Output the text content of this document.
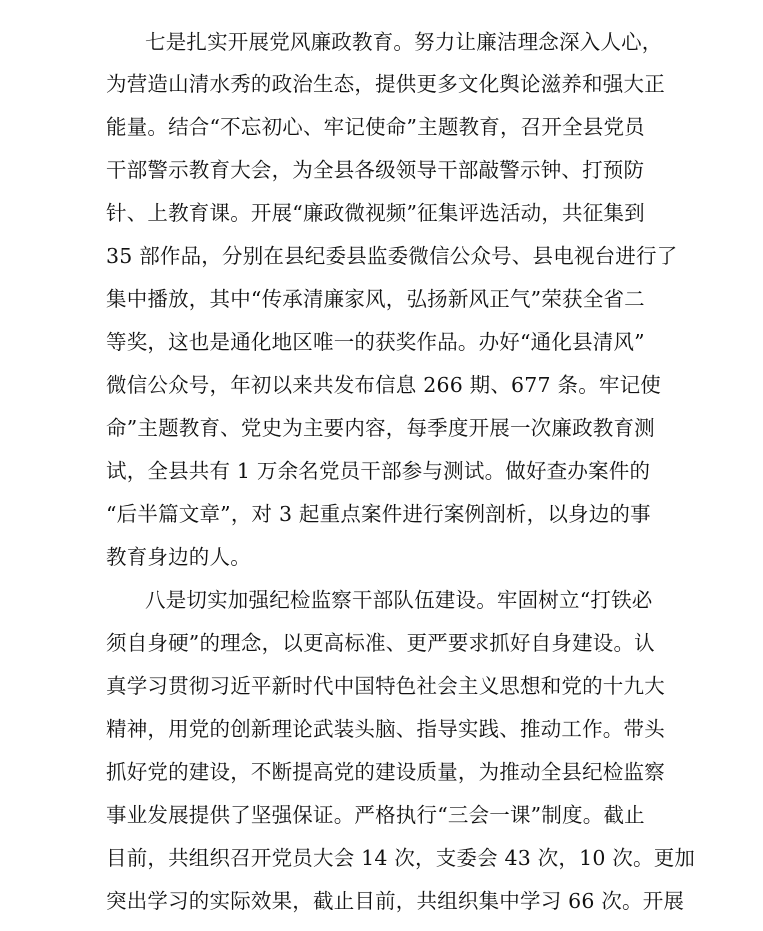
七是扎实开展党风廉政教育。努力让廉洁理念深入人心，
为营造山清水秀的政治生态，提供更多文化舆论滋养和强大正
能量。结合“不忘初心、牢记使命”主题教育，召开全县党员
干部警示教育大会，为全县各级领导干部敲警示钟、打预防
针、上教育课。开展“廉政微视频”征集评选活动，共征集到
35 部作品，分别在县纪委县监委微信公众号、县电视台进行了
集中播放，其中“传承清廉家风，弘扬新风正气”荣获全省二
等奖，这也是通化地区唯一的获奖作品。办好“通化县清风”
微信公众号，年初以来共发布信息 266 期、677 条。牢记使
命”主题教育、党史为主要内容，每季度开展一次廉政教育测
试，全县共有 1 万余名党员干部参与测试。做好查办案件的
“后半篇文章”，对 3 起重点案件进行案例剖析，以身边的事
教育身边的人。
八是切实加强纪检监察干部队伍建设。牢固树立“打铁必
须自身硬”的理念，以更高标准、更严要求抓好自身建设。认
真学习贯彻习近平新时代中国特色社会主义思想和党的十九大
精神，用党的创新理论武装头脑、指导实践、推动工作。带头
抓好党的建设，不断提高党的建设质量，为推动全县纪检监察
事业发展提供了坚强保证。严格执行“三会一课”制度。截止
目前，共组织召开党员大会 14 次，支委会 43 次，10 次。更加
突出学习的实际效果，截止目前，共组织集中学习 66 次。开展
